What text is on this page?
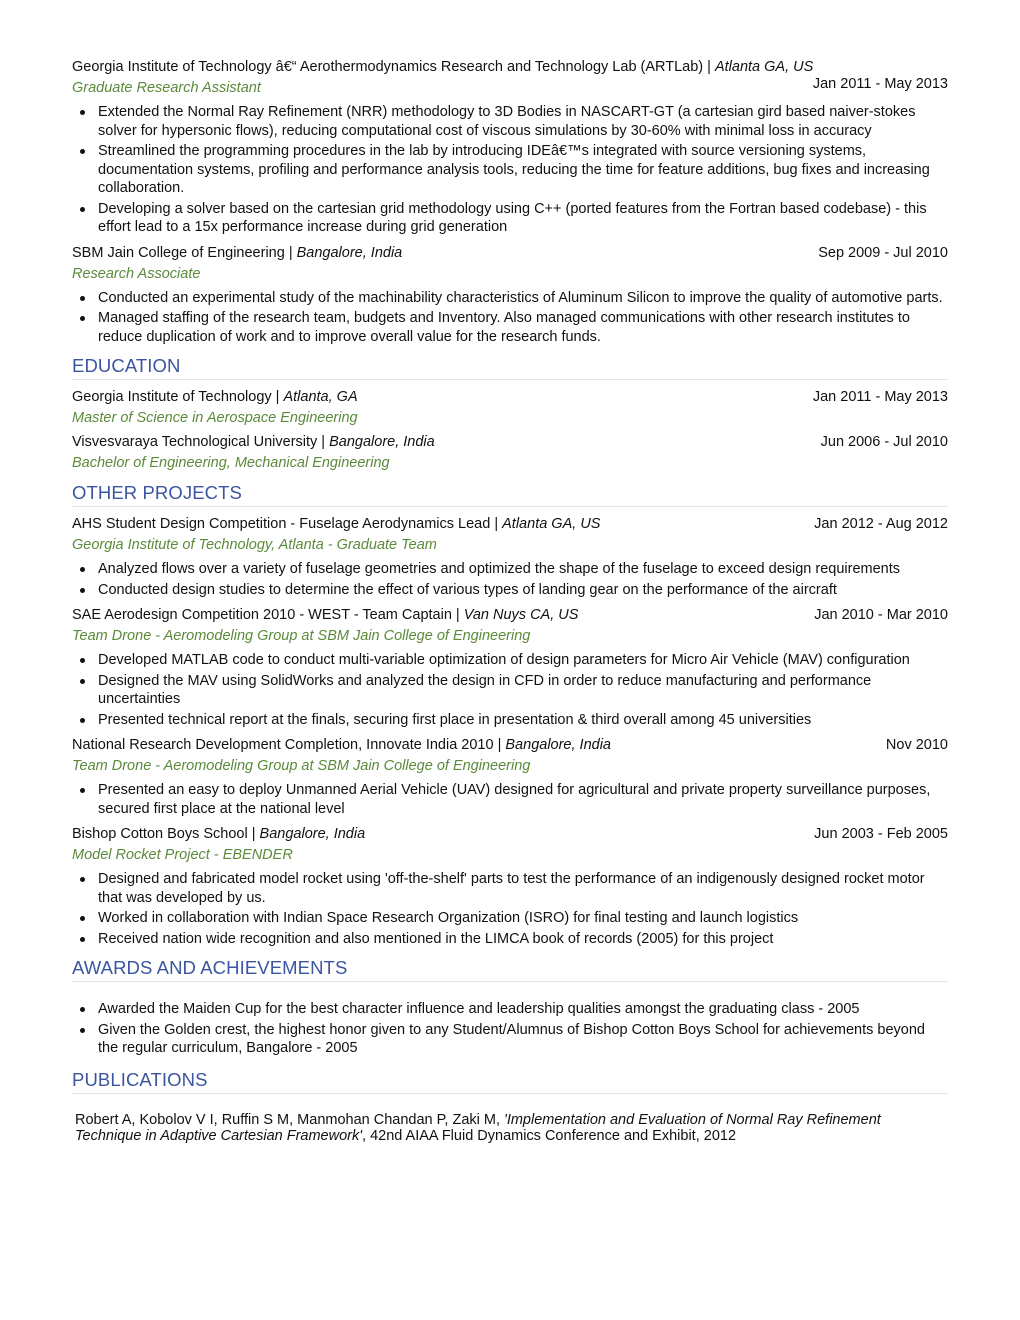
Georgia Institute of Technology â€“ Aerothermodynamics Research and Technology Lab (ARTLab) | Atlanta GA, US
Jan 2011 - May 2013
Graduate Research Assistant
Extended the Normal Ray Refinement (NRR) methodology to 3D Bodies in NASCART-GT (a cartesian gird based naiver-stokes solver for hypersonic flows), reducing computational cost of viscous simulations by 30-60% with minimal loss in accuracy
Streamlined the programming procedures in the lab by introducing IDEâ€™s integrated with source versioning systems, documentation systems, profiling and performance analysis tools, reducing the time for feature additions, bug fixes and increasing collaboration.
Developing a solver based on the cartesian grid methodology using C++ (ported features from the Fortran based codebase) - this effort lead to a 15x performance increase during grid generation
SBM Jain College of Engineering | Bangalore, India	Sep 2009 - Jul 2010
Research Associate
Conducted an experimental study of the machinability characteristics of Aluminum Silicon to improve the quality of automotive parts.
Managed staffing of the research team, budgets and Inventory. Also managed communications with other research institutes to reduce duplication of work and to improve overall value for the research funds.
EDUCATION
Georgia Institute of Technology | Atlanta, GA	Jan 2011 - May 2013
Master of Science in Aerospace Engineering
Visvesvaraya Technological University | Bangalore, India	Jun 2006 - Jul 2010
Bachelor of Engineering, Mechanical Engineering
OTHER PROJECTS
AHS Student Design Competition - Fuselage Aerodynamics Lead | Atlanta GA, US	Jan 2012 - Aug 2012
Georgia Institute of Technology, Atlanta - Graduate Team
Analyzed flows over a variety of fuselage geometries and optimized the shape of the fuselage to exceed design requirements
Conducted design studies to determine the effect of various types of landing gear on the performance of the aircraft
SAE Aerodesign Competition 2010 - WEST - Team Captain | Van Nuys CA, US	Jan 2010 - Mar 2010
Team Drone - Aeromodeling Group at SBM Jain College of Engineering
Developed MATLAB code to conduct multi-variable optimization of design parameters for Micro Air Vehicle (MAV) configuration
Designed the MAV using SolidWorks and analyzed the design in CFD in order to reduce manufacturing and performance uncertainties
Presented technical report at the finals, securing first place in presentation & third overall among 45 universities
National Research Development Completion, Innovate India 2010 | Bangalore, India	Nov 2010
Team Drone - Aeromodeling Group at SBM Jain College of Engineering
Presented an easy to deploy Unmanned Aerial Vehicle (UAV) designed for agricultural and private property surveillance purposes, secured first place at the national level
Bishop Cotton Boys School | Bangalore, India	Jun 2003 - Feb 2005
Model Rocket Project - EBENDER
Designed and fabricated model rocket using 'off-the-shelf' parts to test the performance of an indigenously designed rocket motor that was developed by us.
Worked in collaboration with Indian Space Research Organization (ISRO) for final testing and launch logistics
Received nation wide recognition and also mentioned in the LIMCA book of records (2005) for this project
AWARDS AND ACHIEVEMENTS
Awarded the Maiden Cup for the best character influence and leadership qualities amongst the graduating class - 2005
Given the Golden crest, the highest honor given to any Student/Alumnus of Bishop Cotton Boys School for achievements beyond the regular curriculum, Bangalore - 2005
PUBLICATIONS
Robert A, Kobolov V I, Ruffin S M, Manmohan Chandan P, Zaki M, 'Implementation and Evaluation of Normal Ray Refinement Technique in Adaptive Cartesian Framework', 42nd AIAA Fluid Dynamics Conference and Exhibit, 2012
